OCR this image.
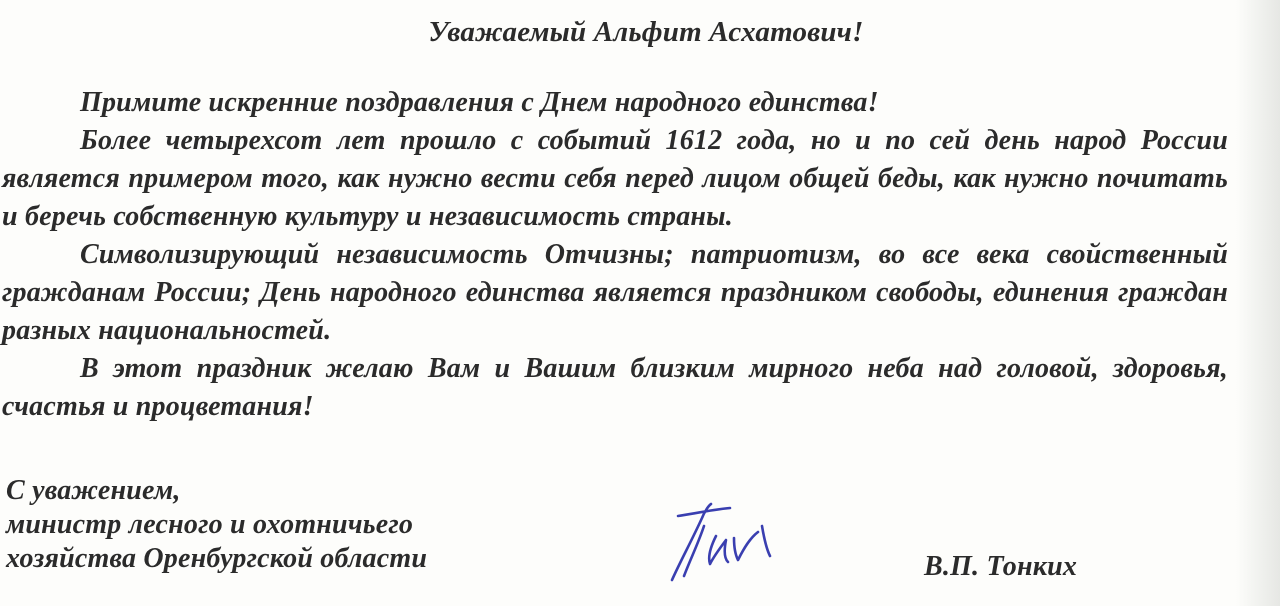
Уважаемый Альфит Асхатович!

Примите искренние поздравления с Днем народного единства!

Более четырехсот лет прошло с событий 1612 года, но и по сей день народ России является примером того, как нужно вести себя перед лицом общей беды, как нужно почитать и беречь собственную культуру и независимость страны.

Символизирующий независимость Отчизны; патриотизм, во все века свойственный гражданам России; День народного единства является праздником свободы, единения граждан разных национальностей.

В этот праздник желаю Вам и Вашим близким мирного неба над головой, здоровья, счастья и процветания!

С уважением,
министр лесного и охотничьего
хозяйства Оренбургской области	В.П. Тонких
